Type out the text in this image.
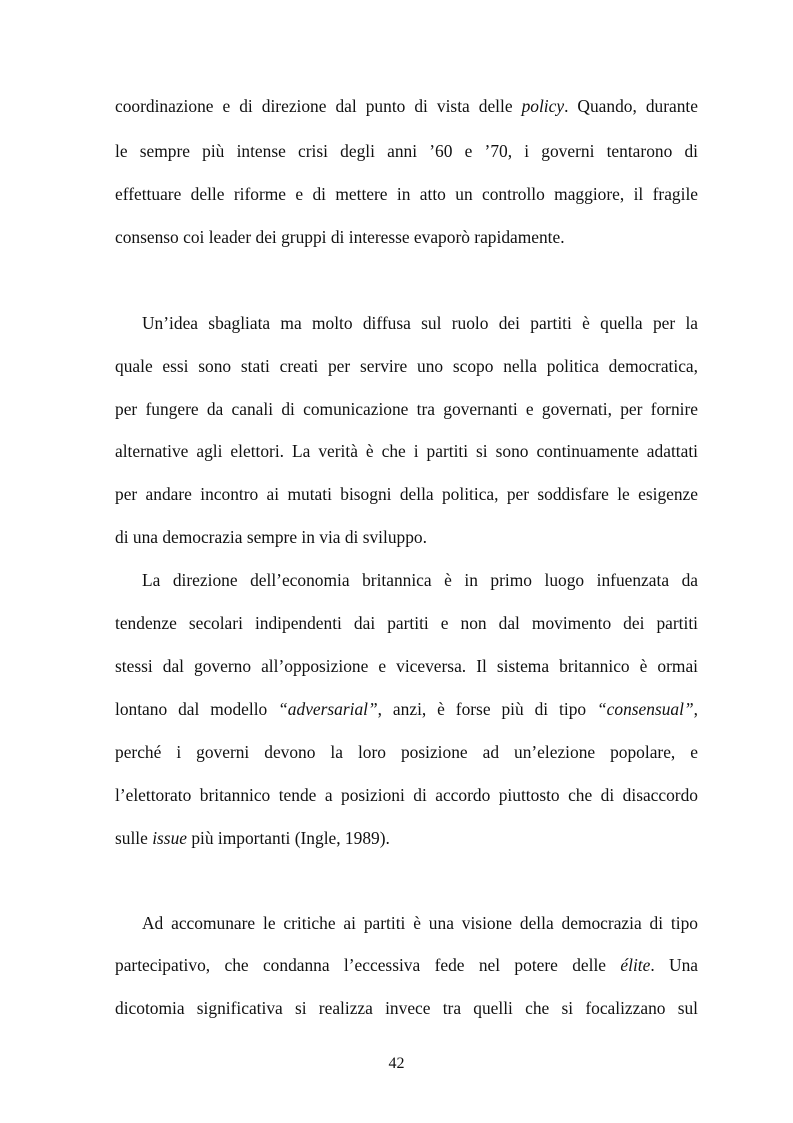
coordinazione e di direzione dal punto di vista delle policy. Quando, durante
le sempre più intense crisi degli anni ’60 e ’70, i governi tentarono di
effettuare delle riforme e di mettere in atto un controllo maggiore, il fragile
consenso coi leader dei gruppi di interesse evaporò rapidamente.
Un’idea sbagliata ma molto diffusa sul ruolo dei partiti è quella per la
quale essi sono stati creati per servire uno scopo nella politica democratica,
per fungere da canali di comunicazione tra governanti e governati, per fornire
alternative agli elettori. La verità è che i partiti si sono continuamente adattati
per andare incontro ai mutati bisogni della politica, per soddisfare le esigenze
di una democrazia sempre in via di sviluppo.
La direzione dell’economia britannica è in primo luogo infuenzata da
tendenze secolari indipendenti dai partiti e non dal movimento dei partiti
stessi dal governo all’opposizione e viceversa. Il sistema britannico è ormai
lontano dal modello “adversarial”, anzi, è forse più di tipo “consensual”,
perché i governi devono la loro posizione ad un’elezione popolare, e
l’elettorato britannico tende a posizioni di accordo piuttosto che di disaccordo
sulle issue più importanti (Ingle, 1989).
Ad accomunare le critiche ai partiti è una visione della democrazia di tipo
partecipativo, che condanna l’eccessiva fede nel potere delle élite. Una
dicotomia significativa si realizza invece tra quelli che si focalizzano sul
42
